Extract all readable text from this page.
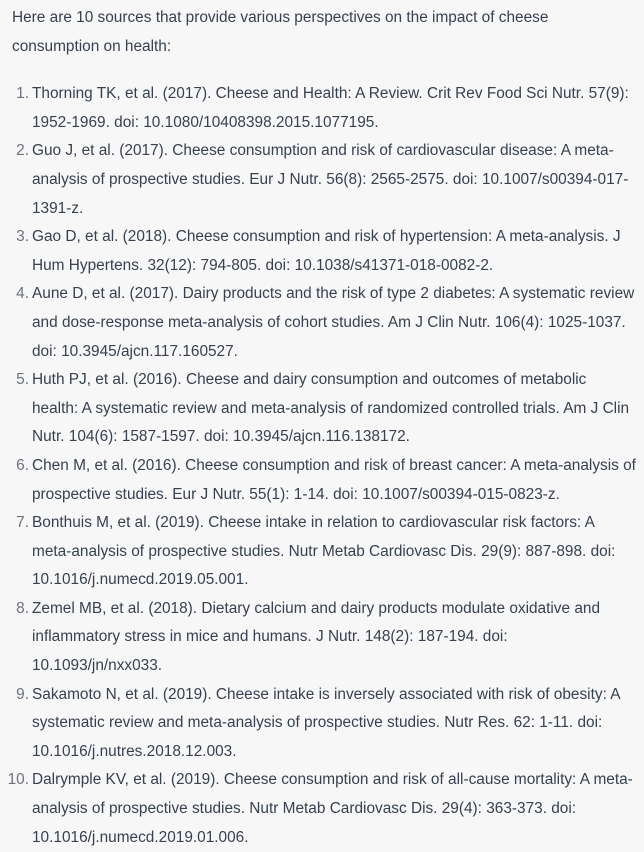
Here are 10 sources that provide various perspectives on the impact of cheese consumption on health:

1. Thorning TK, et al. (2017). Cheese and Health: A Review. Crit Rev Food Sci Nutr. 57(9): 1952-1969. doi: 10.1080/10408398.2015.1077195.
2. Guo J, et al. (2017). Cheese consumption and risk of cardiovascular disease: A meta-analysis of prospective studies. Eur J Nutr. 56(8): 2565-2575. doi: 10.1007/s00394-017-1391-z.
3. Gao D, et al. (2018). Cheese consumption and risk of hypertension: A meta-analysis. J Hum Hypertens. 32(12): 794-805. doi: 10.1038/s41371-018-0082-2.
4. Aune D, et al. (2017). Dairy products and the risk of type 2 diabetes: A systematic review and dose-response meta-analysis of cohort studies. Am J Clin Nutr. 106(4): 1025-1037. doi: 10.3945/ajcn.117.160527.
5. Huth PJ, et al. (2016). Cheese and dairy consumption and outcomes of metabolic health: A systematic review and meta-analysis of randomized controlled trials. Am J Clin Nutr. 104(6): 1587-1597. doi: 10.3945/ajcn.116.138172.
6. Chen M, et al. (2016). Cheese consumption and risk of breast cancer: A meta-analysis of prospective studies. Eur J Nutr. 55(1): 1-14. doi: 10.1007/s00394-015-0823-z.
7. Bonthuis M, et al. (2019). Cheese intake in relation to cardiovascular risk factors: A meta-analysis of prospective studies. Nutr Metab Cardiovasc Dis. 29(9): 887-898. doi: 10.1016/j.numecd.2019.05.001.
8. Zemel MB, et al. (2018). Dietary calcium and dairy products modulate oxidative and inflammatory stress in mice and humans. J Nutr. 148(2): 187-194. doi: 10.1093/jn/nxx033.
9. Sakamoto N, et al. (2019). Cheese intake is inversely associated with risk of obesity: A systematic review and meta-analysis of prospective studies. Nutr Res. 62: 1-11. doi: 10.1016/j.nutres.2018.12.003.
10. Dalrymple KV, et al. (2019). Cheese consumption and risk of all-cause mortality: A meta-analysis of prospective studies. Nutr Metab Cardiovasc Dis. 29(4): 363-373. doi: 10.1016/j.numecd.2019.01.006.
